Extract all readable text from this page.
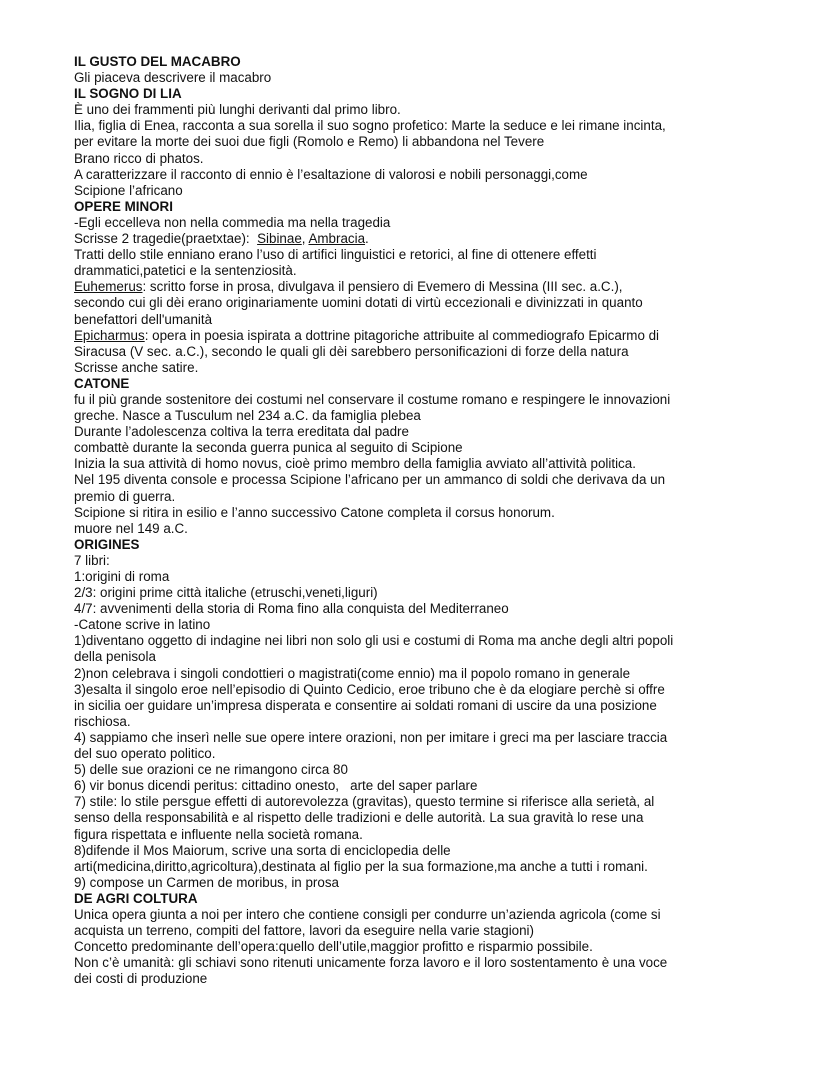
IL GUSTO DEL MACABRO
Gli piaceva descrivere il macabro
IL SOGNO DI LIA
È uno dei frammenti più lunghi derivanti dal primo libro.
Ilia, figlia di Enea, racconta a sua sorella il suo sogno profetico: Marte la seduce e lei rimane incinta,
per evitare la morte dei suoi due figli (Romolo e Remo) li abbandona nel Tevere
Brano ricco di phatos.
A caratterizzare il racconto di ennio è l’esaltazione di valorosi e nobili personaggi,come
Scipione l’africano
OPERE MINORI
-Egli eccelleva non nella commedia ma nella tragedia
Scrisse 2 tragedie(praetxtae):  Sibinae, Ambracia.
Tratti dello stile enniano erano l’uso di artifici linguistici e retorici, al fine di ottenere effetti
drammatici,patetici e la sentenziosità.
Euhemerus: scritto forse in prosa, divulgava il pensiero di Evemero di Messina (III sec. a.C.),
secondo cui gli dèi erano originariamente uomini dotati di virtù eccezionali e divinizzati in quanto
benefattori dell'umanità
Epicharmus: opera in poesia ispirata a dottrine pitagoriche attribuite al commediografo Epicarmo di
Siracusa (V sec. a.C.), secondo le quali gli dèi sarebbero personificazioni di forze della natura
Scrisse anche satire.
CATONE
fu il più grande sostenitore dei costumi nel conservare il costume romano e respingere le innovazioni
greche. Nasce a Tusculum nel 234 a.C. da famiglia plebea
Durante l’adolescenza coltiva la terra ereditata dal padre
combattè durante la seconda guerra punica al seguito di Scipione
Inizia la sua attività di homo novus, cioè primo membro della famiglia avviato all’attività politica.
Nel 195 diventa console e processa Scipione l’africano per un ammanco di soldi che derivava da un
premio di guerra.
Scipione si ritira in esilio e l’anno successivo Catone completa il corsus honorum.
muore nel 149 a.C.
ORIGINES
7 libri:
1:origini di roma
2/3: origini prime città italiche (etruschi,veneti,liguri)
4/7: avvenimenti della storia di Roma fino alla conquista del Mediterraneo
-Catone scrive in latino
1)diventano oggetto di indagine nei libri non solo gli usi e costumi di Roma ma anche degli altri popoli
della penisola
2)non celebrava i singoli condottieri o magistrati(come ennio) ma il popolo romano in generale
3)esalta il singolo eroe nell’episodio di Quinto Cedicio, eroe tribuno che è da elogiare perchè si offre
in sicilia oer guidare un’impresa disperata e consentire ai soldati romani di uscire da una posizione
rischiosa.
4) sappiamo che inserì nelle sue opere intere orazioni, non per imitare i greci ma per lasciare traccia
del suo operato politico.
5) delle sue orazioni ce ne rimangono circa 80
6) vir bonus dicendi peritus: cittadino onesto,   arte del saper parlare
7) stile: lo stile persgue effetti di autorevolezza (gravitas), questo termine si riferisce alla serietà, al
senso della responsabilità e al rispetto delle tradizioni e delle autorità. La sua gravità lo rese una
figura rispettata e influente nella società romana.
8)difende il Mos Maiorum, scrive una sorta di enciclopedia delle
arti(medicina,diritto,agricoltura),destinata al figlio per la sua formazione,ma anche a tutti i romani.
9) compose un Carmen de moribus, in prosa
DE AGRI COLTURA
Unica opera giunta a noi per intero che contiene consigli per condurre un’azienda agricola (come si
acquista un terreno, compiti del fattore, lavori da eseguire nella varie stagioni)
Concetto predominante dell’opera:quello dell’utile,maggior profitto e risparmio possibile.
Non c’è umanità: gli schiavi sono ritenuti unicamente forza lavoro e il loro sostentamento è una voce
dei costi di produzione
